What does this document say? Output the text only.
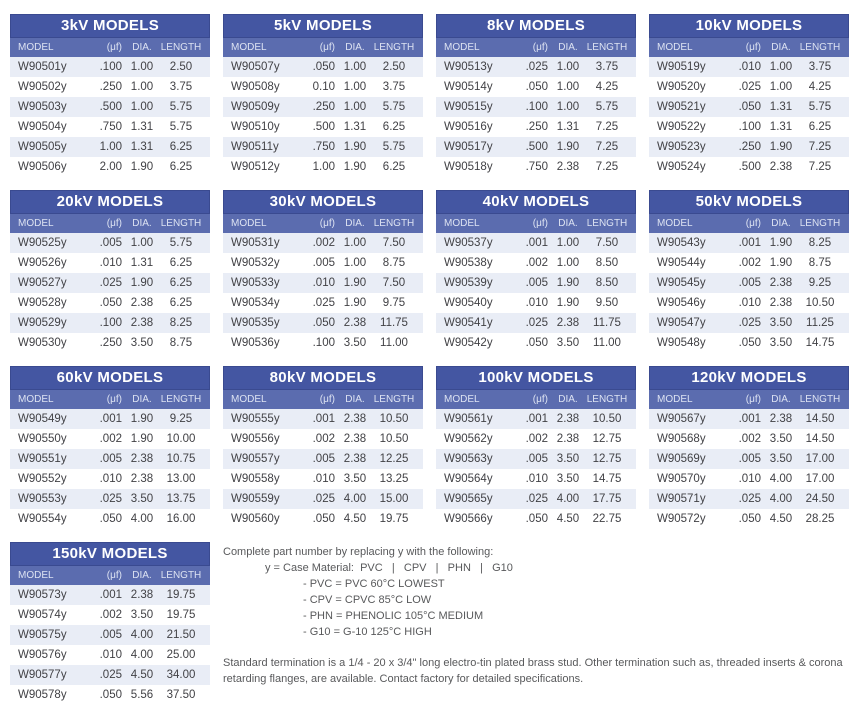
3kV MODELS
MODEL	(μf)	DIA. LENGTH
W90501y	.100 1.00	2.50
W90502y	.250 1.00	3.75
W90503y	.500 1.00	5.75
W90504y	.750 1.31	5.75
W90505y	1.00 1.31	6.25
W90506y	2.00 1.90	6.25
5kV MODELS
MODEL	(μf)	DIA. LENGTH
W90507y	.050 1.00	2.50
W90508y	0.10 1.00	3.75
W90509y	.250 1.00	5.75
W90510y	.500 1.31	6.25
W90511y	.750 1.90	5.75
W90512y	1.00 1.90	6.25
8kV MODELS
MODEL	(μf)	DIA. LENGTH
W90513y	.025 1.00	3.75
W90514y	.050 1.00	4.25
W90515y	.100 1.00	5.75
W90516y	.250 1.31	7.25
W90517y	.500 1.90	7.25
W90518y	.750 2.38	7.25
10kV MODELS
MODEL	(μf)	DIA. LENGTH
W90519y	.010 1.00	3.75
W90520y	.025 1.00	4.25
W90521y	.050 1.31	5.75
W90522y	.100 1.31	6.25
W90523y	.250 1.90	7.25
W90524y	.500 2.38	7.25
20kV MODELS
MODEL	(μf)	DIA. LENGTH
W90525y	.005 1.00	5.75
W90526y	.010 1.31	6.25
W90527y	.025 1.90	6.25
W90528y	.050 2.38	6.25
W90529y	.100 2.38	8.25
W90530y	.250 3.50	8.75
30kV MODELS
MODEL	(μf)	DIA. LENGTH
W90531y	.002 1.00	7.50
W90532y	.005 1.00	8.75
W90533y	.010 1.90	7.50
W90534y	.025 1.90	9.75
W90535y	.050 2.38	11.75
W90536y	.100 3.50	11.00
40kV MODELS
MODEL	(μf)	DIA. LENGTH
W90537y	.001 1.00	7.50
W90538y	.002 1.00	8.50
W90539y	.005 1.90	8.50
W90540y	.010 1.90	9.50
W90541y	.025 2.38	11.75
W90542y	.050 3.50	11.00
50kV MODELS
MODEL	(μf)	DIA. LENGTH
W90543y	.001 1.90	8.25
W90544y	.002 1.90	8.75
W90545y	.005 2.38	9.25
W90546y	.010 2.38	10.50
W90547y	.025 3.50	11.25
W90548y	.050 3.50	14.75
60kV MODELS
MODEL	(μf)	DIA. LENGTH
W90549y	.001 1.90	9.25
W90550y	.002 1.90	10.00
W90551y	.005 2.38	10.75
W90552y	.010 2.38	13.00
W90553y	.025 3.50	13.75
W90554y	.050 4.00	16.00
80kV MODELS
MODEL	(μf)	DIA. LENGTH
W90555y	.001 2.38	10.50
W90556y	.002 2.38	10.50
W90557y	.005 2.38	12.25
W90558y	.010 3.50	13.25
W90559y	.025 4.00	15.00
W90560y	.050 4.50	19.75
100kV MODELS
MODEL	(μf)	DIA. LENGTH
W90561y	.001 2.38	10.50
W90562y	.002 2.38	12.75
W90563y	.005 3.50	12.75
W90564y	.010 3.50	14.75
W90565y	.025 4.00	17.75
W90566y	.050 4.50	22.75
120kV MODELS
MODEL	(μf)	DIA. LENGTH
W90567y	.001 2.38	14.50
W90568y	.002 3.50	14.50
W90569y	.005 3.50	17.00
W90570y	.010 4.00	17.00
W90571y	.025 4.00	24.50
W90572y	.050 4.50	28.25
150kV MODELS
MODEL	(μf)	DIA. LENGTH
W90573y	.001 2.38	19.75
W90574y	.002 3.50	19.75
W90575y	.005 4.00	21.50
W90576y	.010 4.00	25.00
W90577y	.025 4.50	34.00
W90578y	.050 5.56	37.50
Complete part number by replacing y with the following:
y = Case Material:  PVC   |   CPV   |   PHN   |   G10
- PVC = PVC 60°C LOWEST
- CPV = CPVC 85°C LOW
- PHN = PHENOLIC 105°C MEDIUM
- G10 = G-10 125°C HIGH

Standard termination is a 1/4 - 20 x 3/4" long electro-tin plated brass stud. Other termination such as, threaded inserts & corona retarding flanges, are available. Contact factory for detailed specifications.
